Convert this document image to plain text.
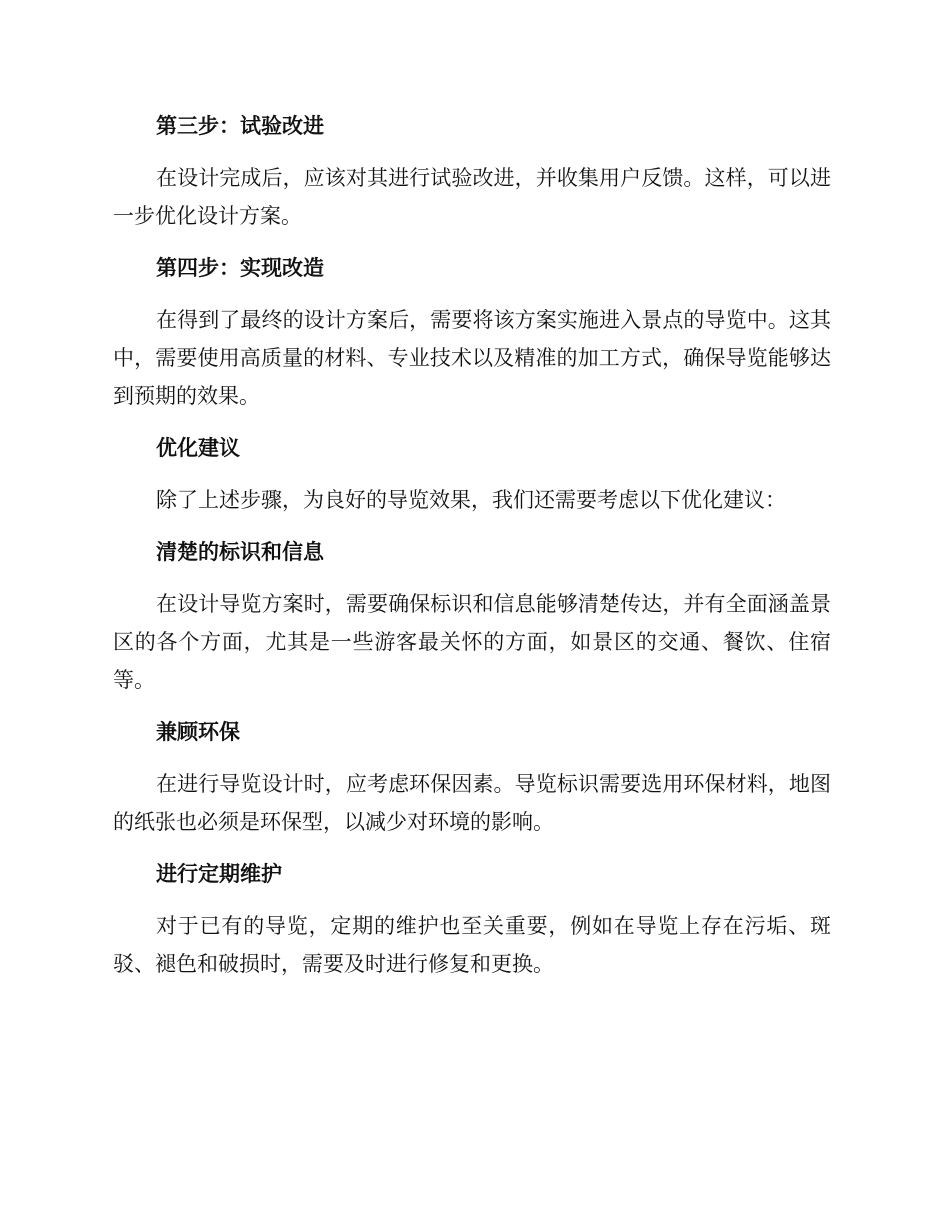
第三步：试验改进

在设计完成后，应该对其进行试验改进，并收集用户反馈。这样，可以进一步优化设计方案。

第四步：实现改造

在得到了最终的设计方案后，需要将该方案实施进入景点的导览中。这其中，需要使用高质量的材料、专业技术以及精准的加工方式，确保导览能够达到预期的效果。

优化建议

除了上述步骤，为良好的导览效果，我们还需要考虑以下优化建议：

清楚的标识和信息

在设计导览方案时，需要确保标识和信息能够清楚传达，并有全面涵盖景区的各个方面，尤其是一些游客最关怀的方面，如景区的交通、餐饮、住宿等。

兼顾环保

在进行导览设计时，应考虑环保因素。导览标识需要选用环保材料，地图的纸张也必须是环保型，以减少对环境的影响。

进行定期维护

对于已有的导览，定期的维护也至关重要，例如在导览上存在污垢、斑驳、褪色和破损时，需要及时进行修复和更换。
